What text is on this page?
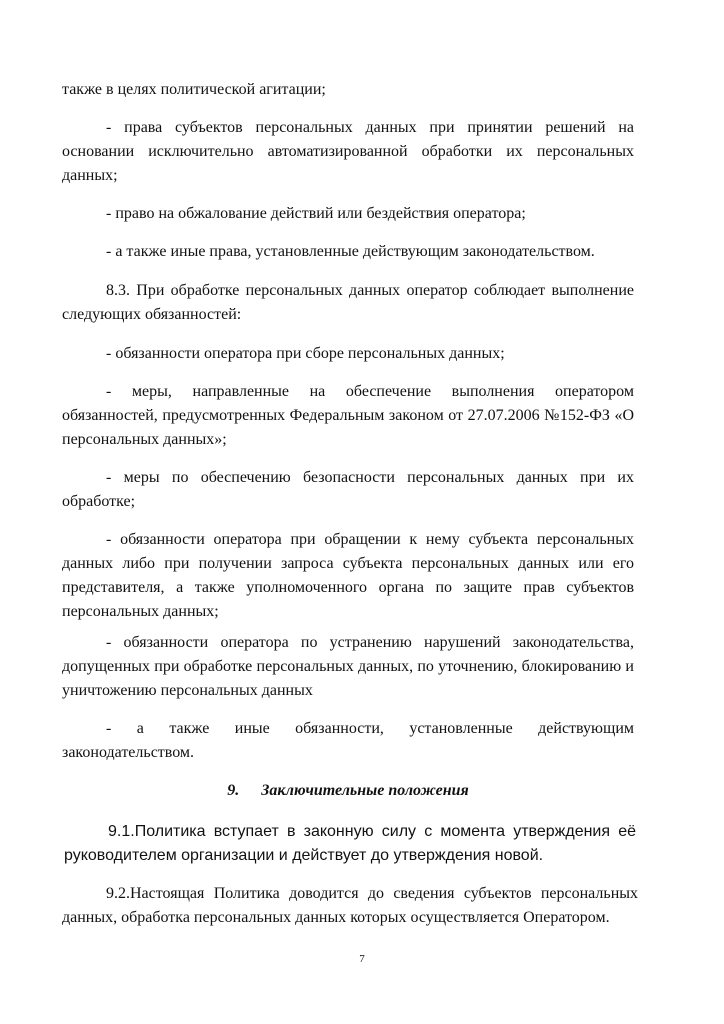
также в целях политической агитации;

- права субъектов персональных данных при принятии решений на основании исключительно автоматизированной обработки их персональных данных;

- право на обжалование действий или бездействия оператора;

- а также иные права, установленные действующим законодательством.

8.3. При обработке персональных данных оператор соблюдает выполнение следующих обязанностей:

- обязанности оператора при сборе персональных данных;

- меры, направленные на обеспечение выполнения оператором обязанностей, предусмотренных Федеральным законом от 27.07.2006 №152-ФЗ «О персональных данных»;

- меры по обеспечению безопасности персональных данных при их обработке;

- обязанности оператора при обращении к нему субъекта персональных данных либо при получении запроса субъекта персональных данных или его представителя, а также уполномоченного органа по защите прав субъектов персональных данных;

- обязанности оператора по устранению нарушений законодательства, допущенных при обработке персональных данных, по уточнению, блокированию и уничтожению персональных данных

- а также иные обязанности, установленные действующим законодательством.

9. Заключительные положения

9.1.Политика вступает в законную силу с момента утверждения её руководителем организации и действует до утверждения новой.

9.2.Настоящая Политика доводится до сведения субъектов персональных данных, обработка персональных данных которых осуществляется Оператором.

7
